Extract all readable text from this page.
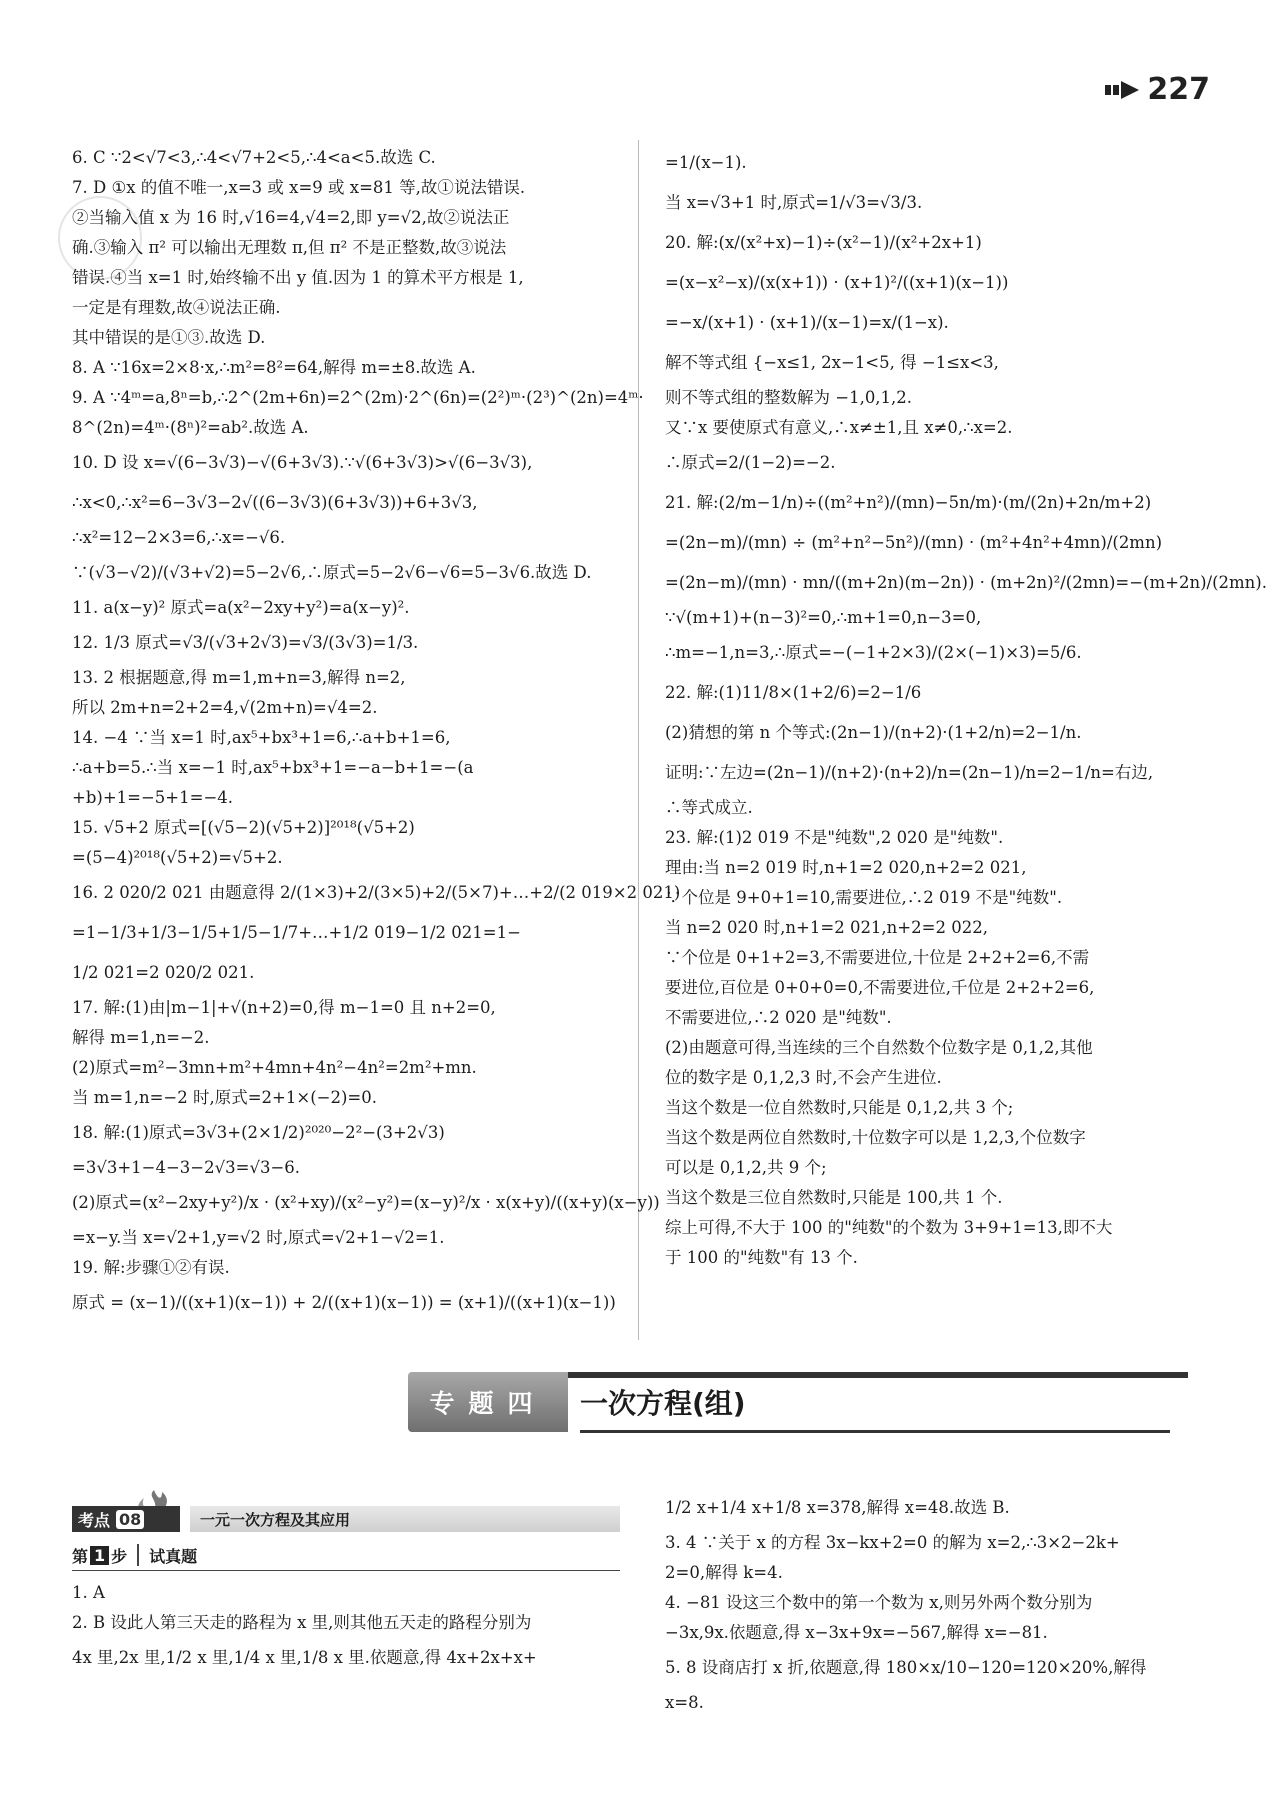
227
6. C ∵2<√7<3,∴4<√7+2<5,∴4<a<5.故选 C.
7. D ①x 的值不唯一,x=3 或 x=9 或 x=81 等,故①说法错误.
②当输入值 x 为 16 时,√16=4,√4=2,即 y=√2,故②说法正
确.③输入 π² 可以输出无理数 π,但 π² 不是正整数,故③说法
错误.④当 x=1 时,始终输不出 y 值.因为 1 的算术平方根是 1,
一定是有理数,故④说法正确.
其中错误的是①③.故选 D.
8. A ∵16x=2×8·x,∴m²=8²=64,解得 m=±8.故选 A.
9. A ∵4ᵐ=a,8ⁿ=b,∴2^(2m+6n)=2^(2m)·2^(6n)=(2²)ᵐ·(2³)^(2n)=4ᵐ·
8^(2n)=4ᵐ·(8ⁿ)²=ab².故选 A.
10. D 设 x=√(6−3√3)−√(6+3√3).∵√(6+3√3)>√(6−3√3),
∴x<0,∴x²=6−3√3−2√((6−3√3)(6+3√3))+6+3√3,
∴x²=12−2×3=6,∴x=−√6.
∵(√3−√2)/(√3+√2)=5−2√6,∴原式=5−2√6−√6=5−3√6.故选 D.
11. a(x−y)² 原式=a(x²−2xy+y²)=a(x−y)².
12. 1/3 原式=√3/(√3+2√3)=√3/(3√3)=1/3.
13. 2 根据题意,得 m=1,m+n=3,解得 n=2,
所以 2m+n=2+2=4,√(2m+n)=√4=2.
14. −4 ∵当 x=1 时,ax⁵+bx³+1=6,∴a+b+1=6,
∴a+b=5.∴当 x=−1 时,ax⁵+bx³+1=−a−b+1=−(a
+b)+1=−5+1=−4.
15. √5+2 原式=[(√5−2)(√5+2)]²⁰¹⁸(√5+2)
=(5−4)²⁰¹⁸(√5+2)=√5+2.
16. 2 020/2 021 由题意得 2/(1×3)+2/(3×5)+2/(5×7)+…+2/(2 019×2 021)
=1−1/3+1/3−1/5+1/5−1/7+…+1/2 019−1/2 021=1−
1/2 021=2 020/2 021.
17. 解:(1)由|m−1|+√(n+2)=0,得 m−1=0 且 n+2=0,
解得 m=1,n=−2.
(2)原式=m²−3mn+m²+4mn+4n²−4n²=2m²+mn.
当 m=1,n=−2 时,原式=2+1×(−2)=0.
18. 解:(1)原式=3√3+(2×1/2)²⁰²⁰−2²−(3+2√3)
=3√3+1−4−3−2√3=√3−6.
(2)原式=(x²−2xy+y²)/x · (x²+xy)/(x²−y²)=(x−y)²/x · x(x+y)/((x+y)(x−y))
=x−y.当 x=√2+1,y=√2 时,原式=√2+1−√2=1.
19. 解:步骤①②有误.
原式 = (x−1)/((x+1)(x−1)) + 2/((x+1)(x−1)) = (x+1)/((x+1)(x−1))
=1/(x−1).
当 x=√3+1 时,原式=1/√3=√3/3.
20. 解:(x/(x²+x)−1)÷(x²−1)/(x²+2x+1)
=(x−x²−x)/(x(x+1)) · (x+1)²/((x+1)(x−1))
=−x/(x+1) · (x+1)/(x−1)=x/(1−x).
解不等式组 {−x≤1, 2x−1<5, 得 −1≤x<3,
则不等式组的整数解为 −1,0,1,2.
又∵x 要使原式有意义,∴x≠±1,且 x≠0,∴x=2.
∴原式=2/(1−2)=−2.
21. 解:(2/m−1/n)÷((m²+n²)/(mn)−5n/m)·(m/(2n)+2n/m+2)
=(2n−m)/(mn) ÷ (m²+n²−5n²)/(mn) · (m²+4n²+4mn)/(2mn)
=(2n−m)/(mn) · mn/((m+2n)(m−2n)) · (m+2n)²/(2mn)=−(m+2n)/(2mn).
∵√(m+1)+(n−3)²=0,∴m+1=0,n−3=0,
∴m=−1,n=3,∴原式=−(−1+2×3)/(2×(−1)×3)=5/6.
22. 解:(1)11/8×(1+2/6)=2−1/6
(2)猜想的第 n 个等式:(2n−1)/(n+2)·(1+2/n)=2−1/n.
证明:∵左边=(2n−1)/(n+2)·(n+2)/n=(2n−1)/n=2−1/n=右边,
∴等式成立.
23. 解:(1)2 019 不是"纯数",2 020 是"纯数".
理由:当 n=2 019 时,n+1=2 020,n+2=2 021,
∵个位是 9+0+1=10,需要进位,∴2 019 不是"纯数".
当 n=2 020 时,n+1=2 021,n+2=2 022,
∵个位是 0+1+2=3,不需要进位,十位是 2+2+2=6,不需
要进位,百位是 0+0+0=0,不需要进位,千位是 2+2+2=6,
不需要进位,∴2 020 是"纯数".
(2)由题意可得,当连续的三个自然数个位数字是 0,1,2,其他
位的数字是 0,1,2,3 时,不会产生进位.
当这个数是一位自然数时,只能是 0,1,2,共 3 个;
当这个数是两位自然数时,十位数字可以是 1,2,3,个位数字
可以是 0,1,2,共 9 个;
当这个数是三位自然数时,只能是 100,共 1 个.
综上可得,不大于 100 的"纯数"的个数为 3+9+1=13,即不大
于 100 的"纯数"有 13 个.
专题四	一次方程(组)
考点 08	一元一次方程及其应用
第 1 步 试真题
1. A
2. B 设此人第三天走的路程为 x 里,则其他五天走的路程分别为
4x 里,2x 里,1/2 x 里,1/4 x 里,1/8 x 里.依题意,得 4x+2x+x+
1/2 x+1/4 x+1/8 x=378,解得 x=48.故选 B.
3. 4 ∵关于 x 的方程 3x−kx+2=0 的解为 x=2,∴3×2−2k+
2=0,解得 k=4.
4. −81 设这三个数中的第一个数为 x,则另外两个数分别为
−3x,9x.依题意,得 x−3x+9x=−567,解得 x=−81.
5. 8 设商店打 x 折,依题意,得 180×x/10−120=120×20%,解得
x=8.
